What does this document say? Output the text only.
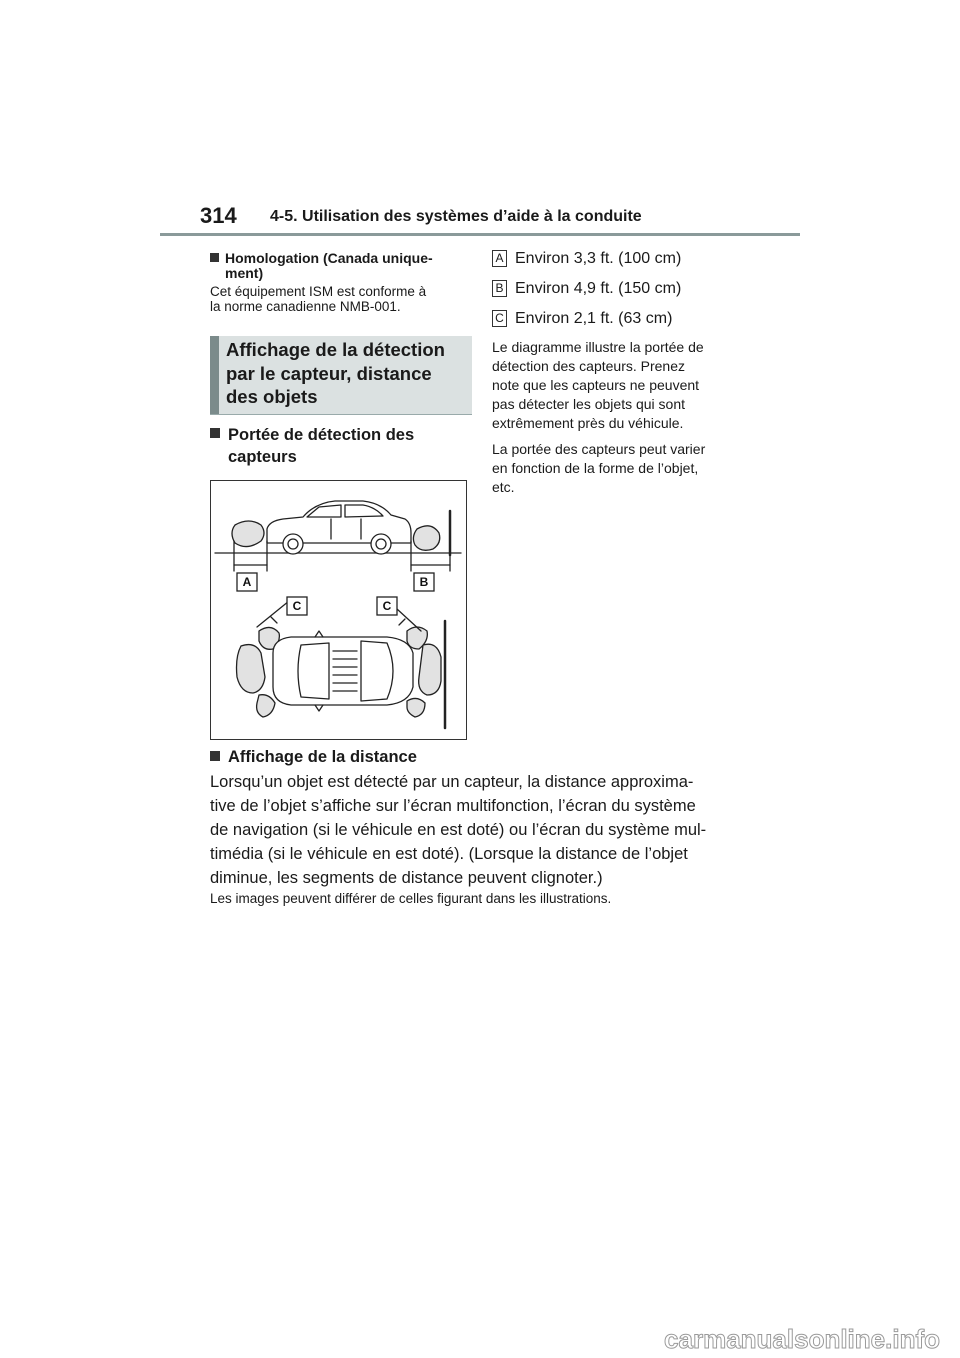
314 4-5. Utilisation des systèmes d’aide à la conduite
Homologation (Canada unique-
ment)
Cet équipement ISM est conforme à
la norme canadienne NMB-001.
Affichage de la détection
par le capteur, distance
des objets
Portée de détection des
capteurs
A	B
C	C
A Environ 3,3 ft. (100 cm)
B Environ 4,9 ft. (150 cm)
C Environ 2,1 ft. (63 cm)
Le diagramme illustre la portée de
détection des capteurs. Prenez
note que les capteurs ne peuvent
pas détecter les objets qui sont
extrêmement près du véhicule.
La portée des capteurs peut varier
en fonction de la forme de l’objet,
etc.
Affichage de la distance
Lorsqu’un objet est détecté par un capteur, la distance approxima-
tive de l’objet s’affiche sur l’écran multifonction, l’écran du système
de navigation (si le véhicule en est doté) ou l’écran du système mul-
timédia (si le véhicule en est doté). (Lorsque la distance de l’objet
diminue, les segments de distance peuvent clignoter.)
Les images peuvent différer de celles figurant dans les illustrations.
carmanualsonline.info
